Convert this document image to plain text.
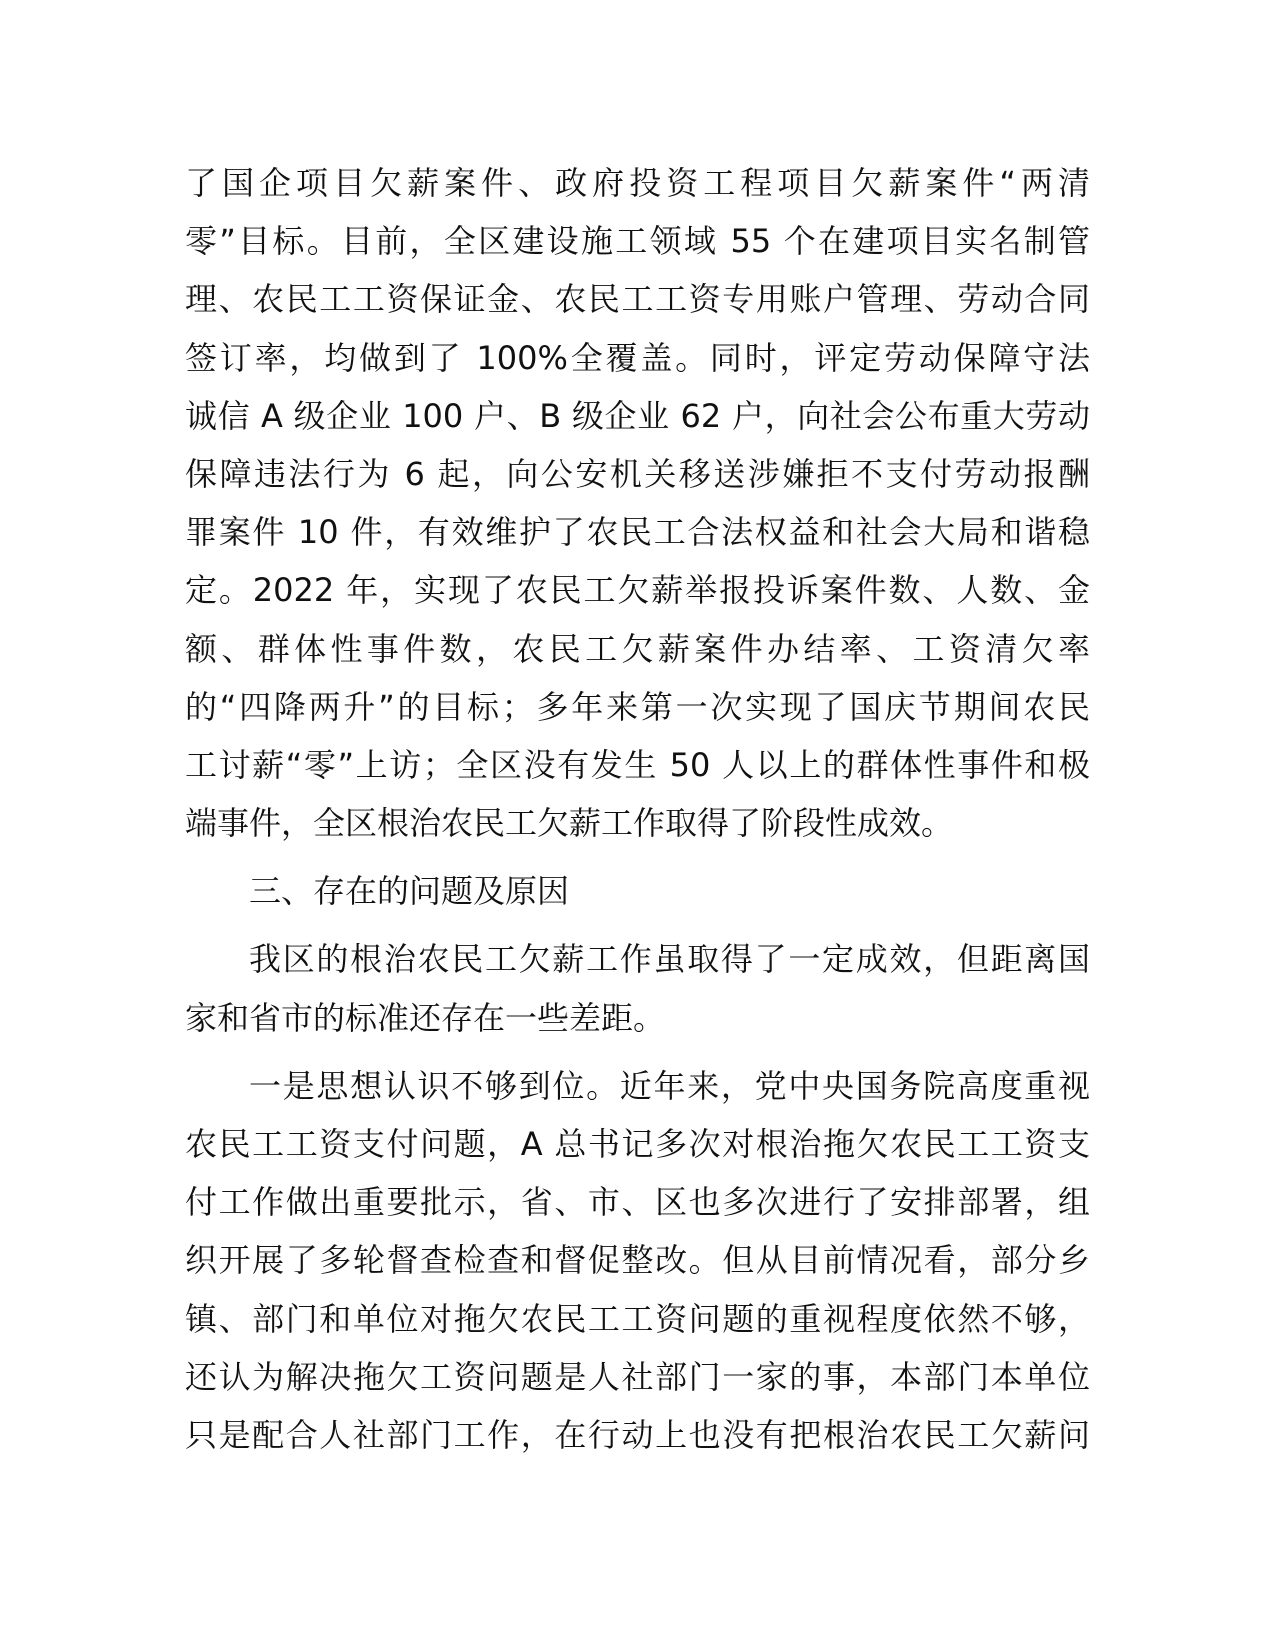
了国企项目欠薪案件、政府投资工程项目欠薪案件“两清
零”目标。目前，全区建设施工领域 55 个在建项目实名制管
理、农民工工资保证金、农民工工资专用账户管理、劳动合同
签订率，均做到了 100%全覆盖。同时，评定劳动保障守法
诚信 A 级企业 100 户、B 级企业 62 户，向社会公布重大劳动
保障违法行为 6 起，向公安机关移送涉嫌拒不支付劳动报酬
罪案件 10 件，有效维护了农民工合法权益和社会大局和谐稳
定。2022 年，实现了农民工欠薪举报投诉案件数、人数、金
额、群体性事件数，农民工欠薪案件办结率、工资清欠率
的“四降两升”的目标；多年来第一次实现了国庆节期间农民
工讨薪“零”上访；全区没有发生 50 人以上的群体性事件和极
端事件，全区根治农民工欠薪工作取得了阶段性成效。
三、存在的问题及原因
我区的根治农民工欠薪工作虽取得了一定成效，但距离国
家和省市的标准还存在一些差距。
一是思想认识不够到位。近年来，党中央国务院高度重视
农民工工资支付问题，A 总书记多次对根治拖欠农民工工资支
付工作做出重要批示，省、市、区也多次进行了安排部署，组
织开展了多轮督查检查和督促整改。但从目前情况看，部分乡
镇、部门和单位对拖欠农民工工资问题的重视程度依然不够，
还认为解决拖欠工资问题是人社部门一家的事，本部门本单位
只是配合人社部门工作，在行动上也没有把根治农民工欠薪问
